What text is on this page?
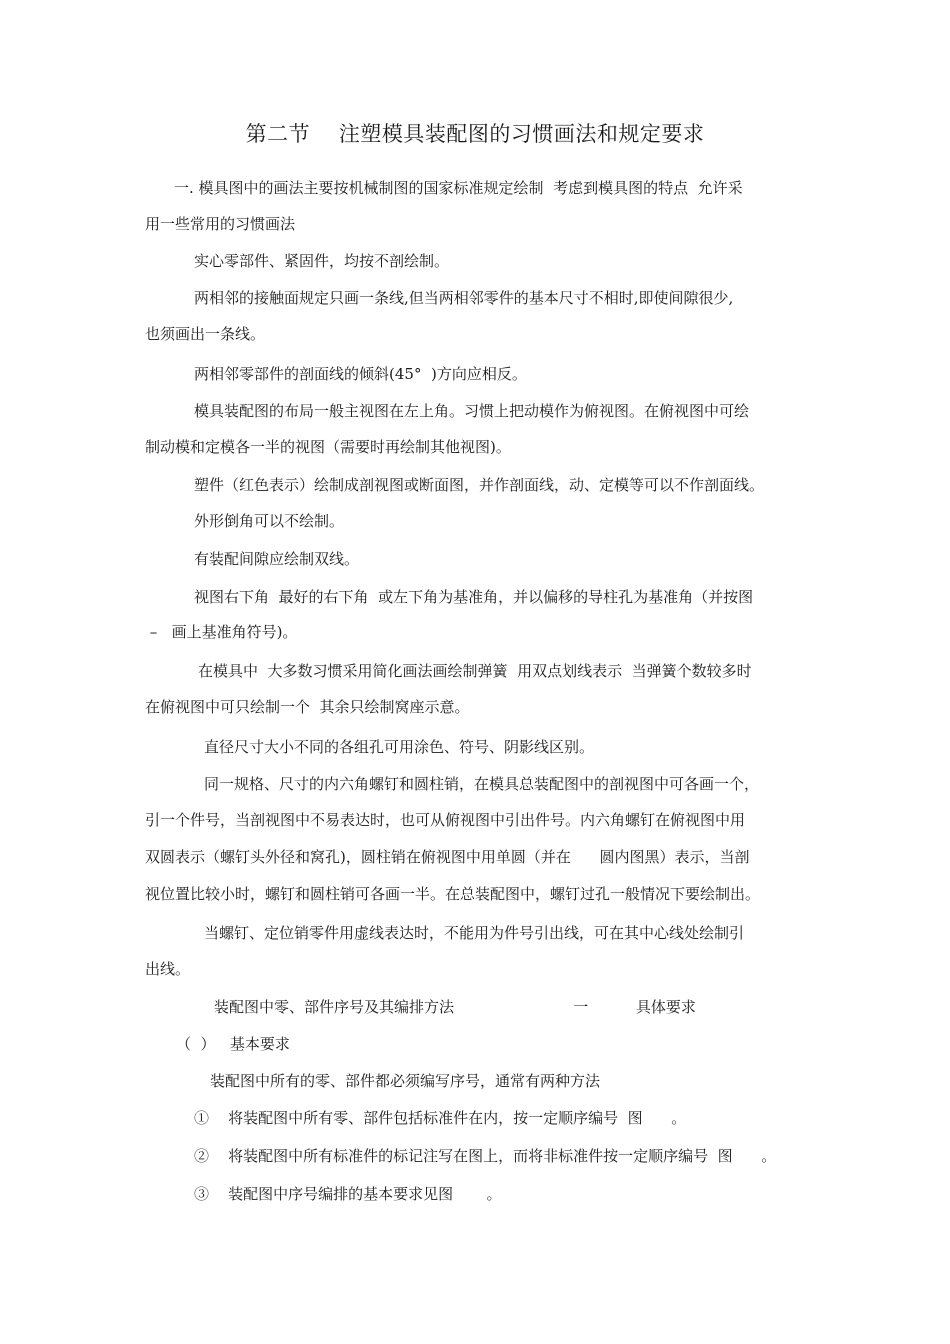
第二节    注塑模具装配图的习惯画法和规定要求
一. 模具图中的画法主要按机械制图的国家标准规定绘制  考虑到模具图的特点  允许采
用一些常用的习惯画法
实心零部件、紧固件，均按不剖绘制。
两相邻的接触面规定只画一条线,但当两相邻零件的基本尺寸不相时,即使间隙很少,
也须画出一条线。
两相邻零部件的剖面线的倾斜(45°  )方向应相反。
模具装配图的布局一般主视图在左上角。习惯上把动模作为俯视图。在俯视图中可绘
制动模和定模各一半的视图（需要时再绘制其他视图)。
塑件（红色表示）绘制成剖视图或断面图，并作剖面线，动、定模等可以不作剖面线。
外形倒角可以不绘制。
有装配间隙应绘制双线。
视图右下角  最好的右下角  或左下角为基准角，并以偏移的导柱孔为基准角（并按图
–   画上基准角符号)。
在模具中  大多数习惯采用简化画法画绘制弹簧  用双点划线表示  当弹簧个数较多时
在俯视图中可只绘制一个  其余只绘制窝座示意。
直径尺寸大小不同的各组孔可用涂色、符号、阴影线区别。
同一规格、尺寸的内六角螺钉和圆柱销，在模具总装配图中的剖视图中可各画一个，
引一个件号，当剖视图中不易表达时，也可从俯视图中引出件号。内六角螺钉在俯视图中用
双圆表示（螺钉头外径和窝孔)，圆柱销在俯视图中用单圆（并在      圆内图黑）表示，当剖
视位置比较小时，螺钉和圆柱销可各画一半。在总装配图中，螺钉过孔一般情况下要绘制出。
当螺钉、定位销零件用虚线表达时，不能用为件号引出线，可在其中心线处绘制引
出线。
装配图中零、部件序号及其编排方法                         一          具体要求
（  ）   基本要求
装配图中所有的零、部件都必须编写序号，通常有两种方法
①    将装配图中所有零、部件包括标准件在内，按一定顺序编号  图      。
②    将装配图中所有标准件的标记注写在图上，而将非标准件按一定顺序编号  图      。
③    装配图中序号编排的基本要求见图       。
